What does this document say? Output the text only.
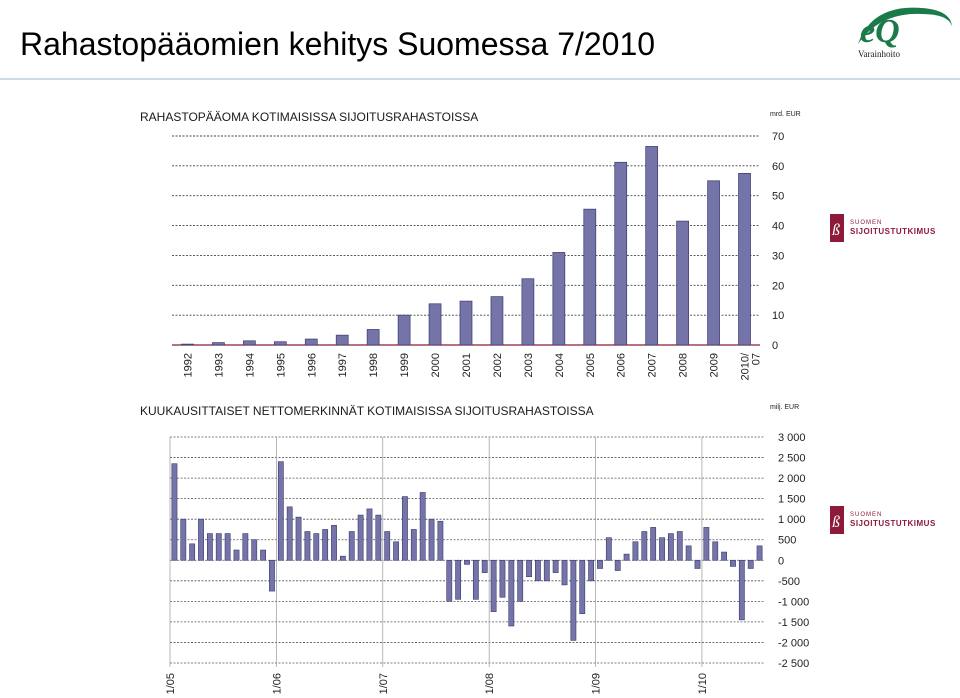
Rahastopääomien kehitys Suomessa 7/2010	eQ
Varainhoito
ß SUOMEN
SIJOITUSTUTKIMUS
ß SUOMEN
SIJOITUSTUTKIMUS
RAHASTOPÄÄOMA KOTIMAISISSA SIJOITUSRAHASTOISSA	mrd. EUR
0
10
20
30
40
50
60
70
1992 1993 1994 1995 1996 1997 1998 1999 2000 2001 2002 2003 2004 2005 2006 2007 2008 2009 2010/ 07
KUUKAUSITTAISET NETTOMERKINNÄT KOTIMAISISSA SIJOITUSRAHASTOISSA	milj. EUR
-2 500
-2 000
-1 500
-1 000
-500
0
500
1 000
1 500
2 000
2 500
3 000
1/05	1/06	1/07	1/08	1/09	1/10
